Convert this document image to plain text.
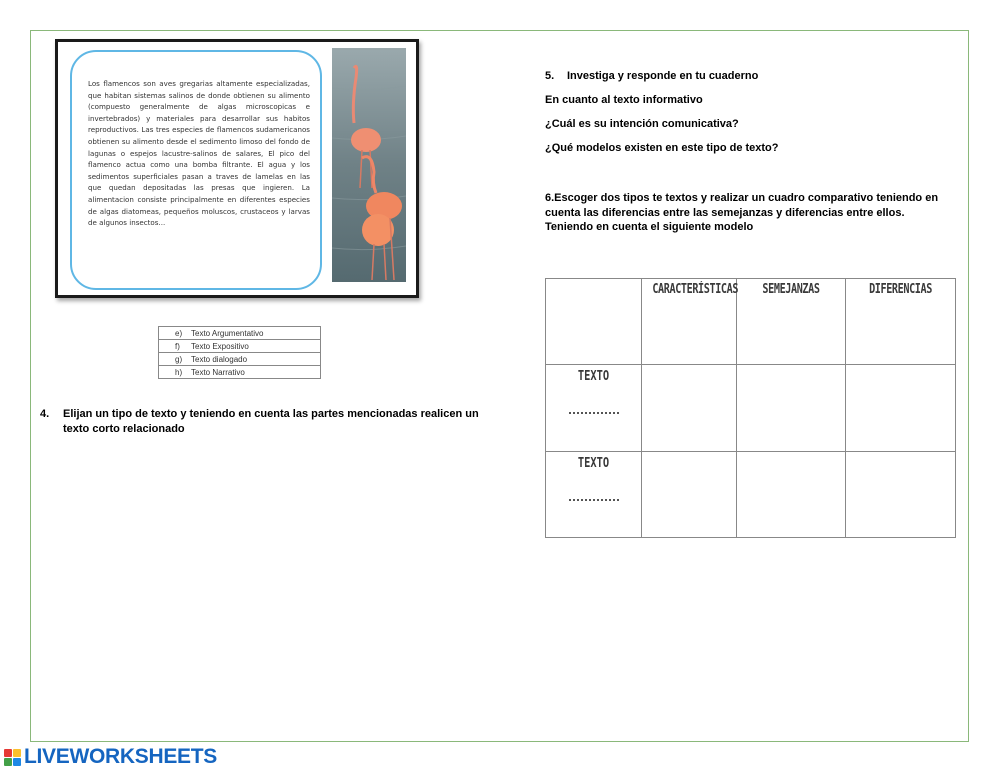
Los flamencos son aves gregarias altamente especializadas, que habitan sistemas salinos de donde obtienen su alimento (compuesto generalmente de algas microscopicas e invertebrados) y materiales para desarrollar sus habitos reproductivos. Las tres especies de flamencos sudamericanos obtienen su alimento desde el sedimento limoso del fondo de lagunas o espejos lacustre-salinos de salares, El pico del flamenco actua como una bomba filtrante. El agua y los sedimentos superficiales pasan a traves de lamelas en las que quedan depositadas las presas que ingieren. La alimentacion consiste principalmente en diferentes especies de algas diatomeas, pequeños moluscos, crustaceos y larvas de algunos insectos...

e) Texto Argumentativo
f) Texto Expositivo
g) Texto dialogado
h) Texto Narrativo
4. Elijan un tipo de texto y teniendo en cuenta las partes mencionadas realicen un texto corto relacionado
5. Investiga y responde en tu cuaderno
En cuanto al texto informativo
¿Cuál es su intención comunicativa?
¿Qué modelos existen en este tipo de texto?
6.Escoger dos tipos te textos y realizar un cuadro comparativo teniendo en cuenta las diferencias entre las semejanzas y diferencias entre ellos. Teniendo en cuenta el siguiente modelo

	CARACTERÍSTICAS	SEMEJANZAS	DIFERENCIAS

TEXTO			

TEXTO			

LIVEWORKSHEETS
